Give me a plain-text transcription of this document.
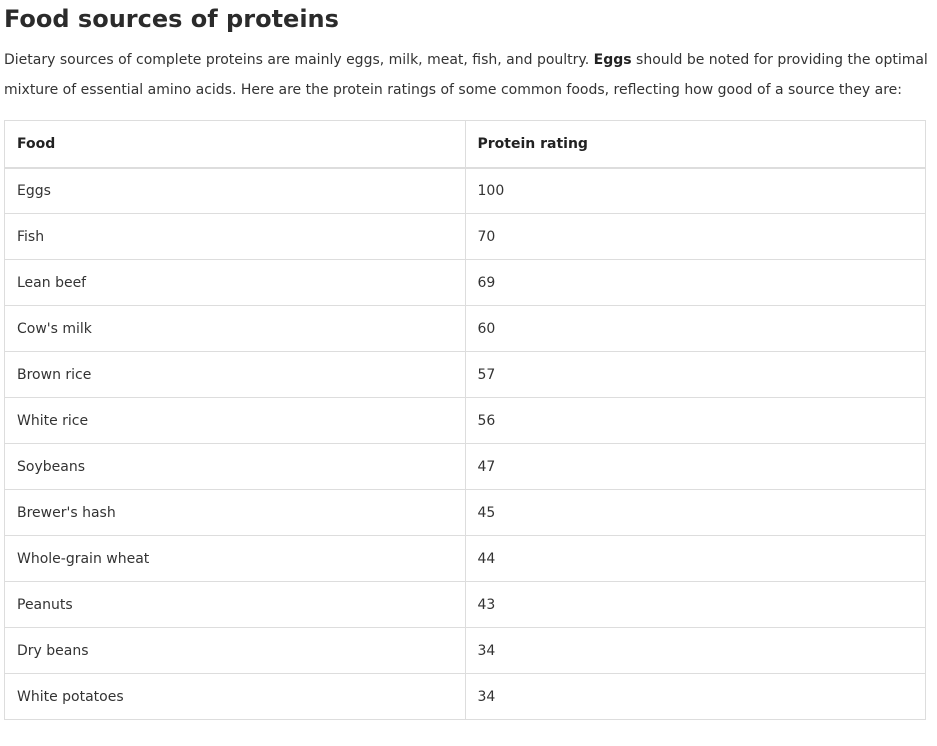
Food sources of proteins

Dietary sources of complete proteins are mainly eggs, milk, meat, fish, and poultry. Eggs should be noted for providing the optimal mixture of essential amino acids. Here are the protein ratings of some common foods, reflecting how good of a source they are:

Food	Protein rating
Eggs	100
Fish	70
Lean beef	69
Cow's milk	60
Brown rice	57
White rice	56
Soybeans	47
Brewer's hash	45
Whole-grain wheat	44
Peanuts	43
Dry beans	34
White potatoes	34
